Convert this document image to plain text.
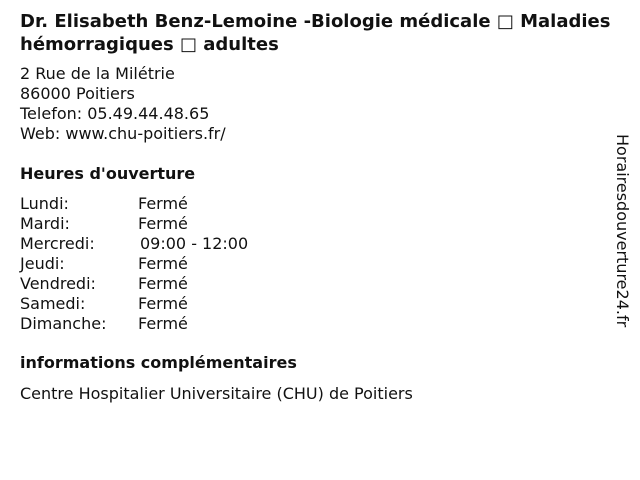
Dr. Elisabeth Benz-Lemoine -Biologie médicale □ Maladies hémorragiques □ adultes
2 Rue de la Milétrie
86000 Poitiers
Telefon: 05.49.44.48.65
Web: www.chu-poitiers.fr/
Heures d'ouverture
Lundi:	Fermé
Mardi:	Fermé
Mercredi:	09:00 - 12:00
Jeudi:	Fermé
Vendredi:	Fermé
Samedi:	Fermé
Dimanche: Fermé
informations complémentaires
Centre Hospitalier Universitaire (CHU) de Poitiers
Horairesdouverture24.fr
